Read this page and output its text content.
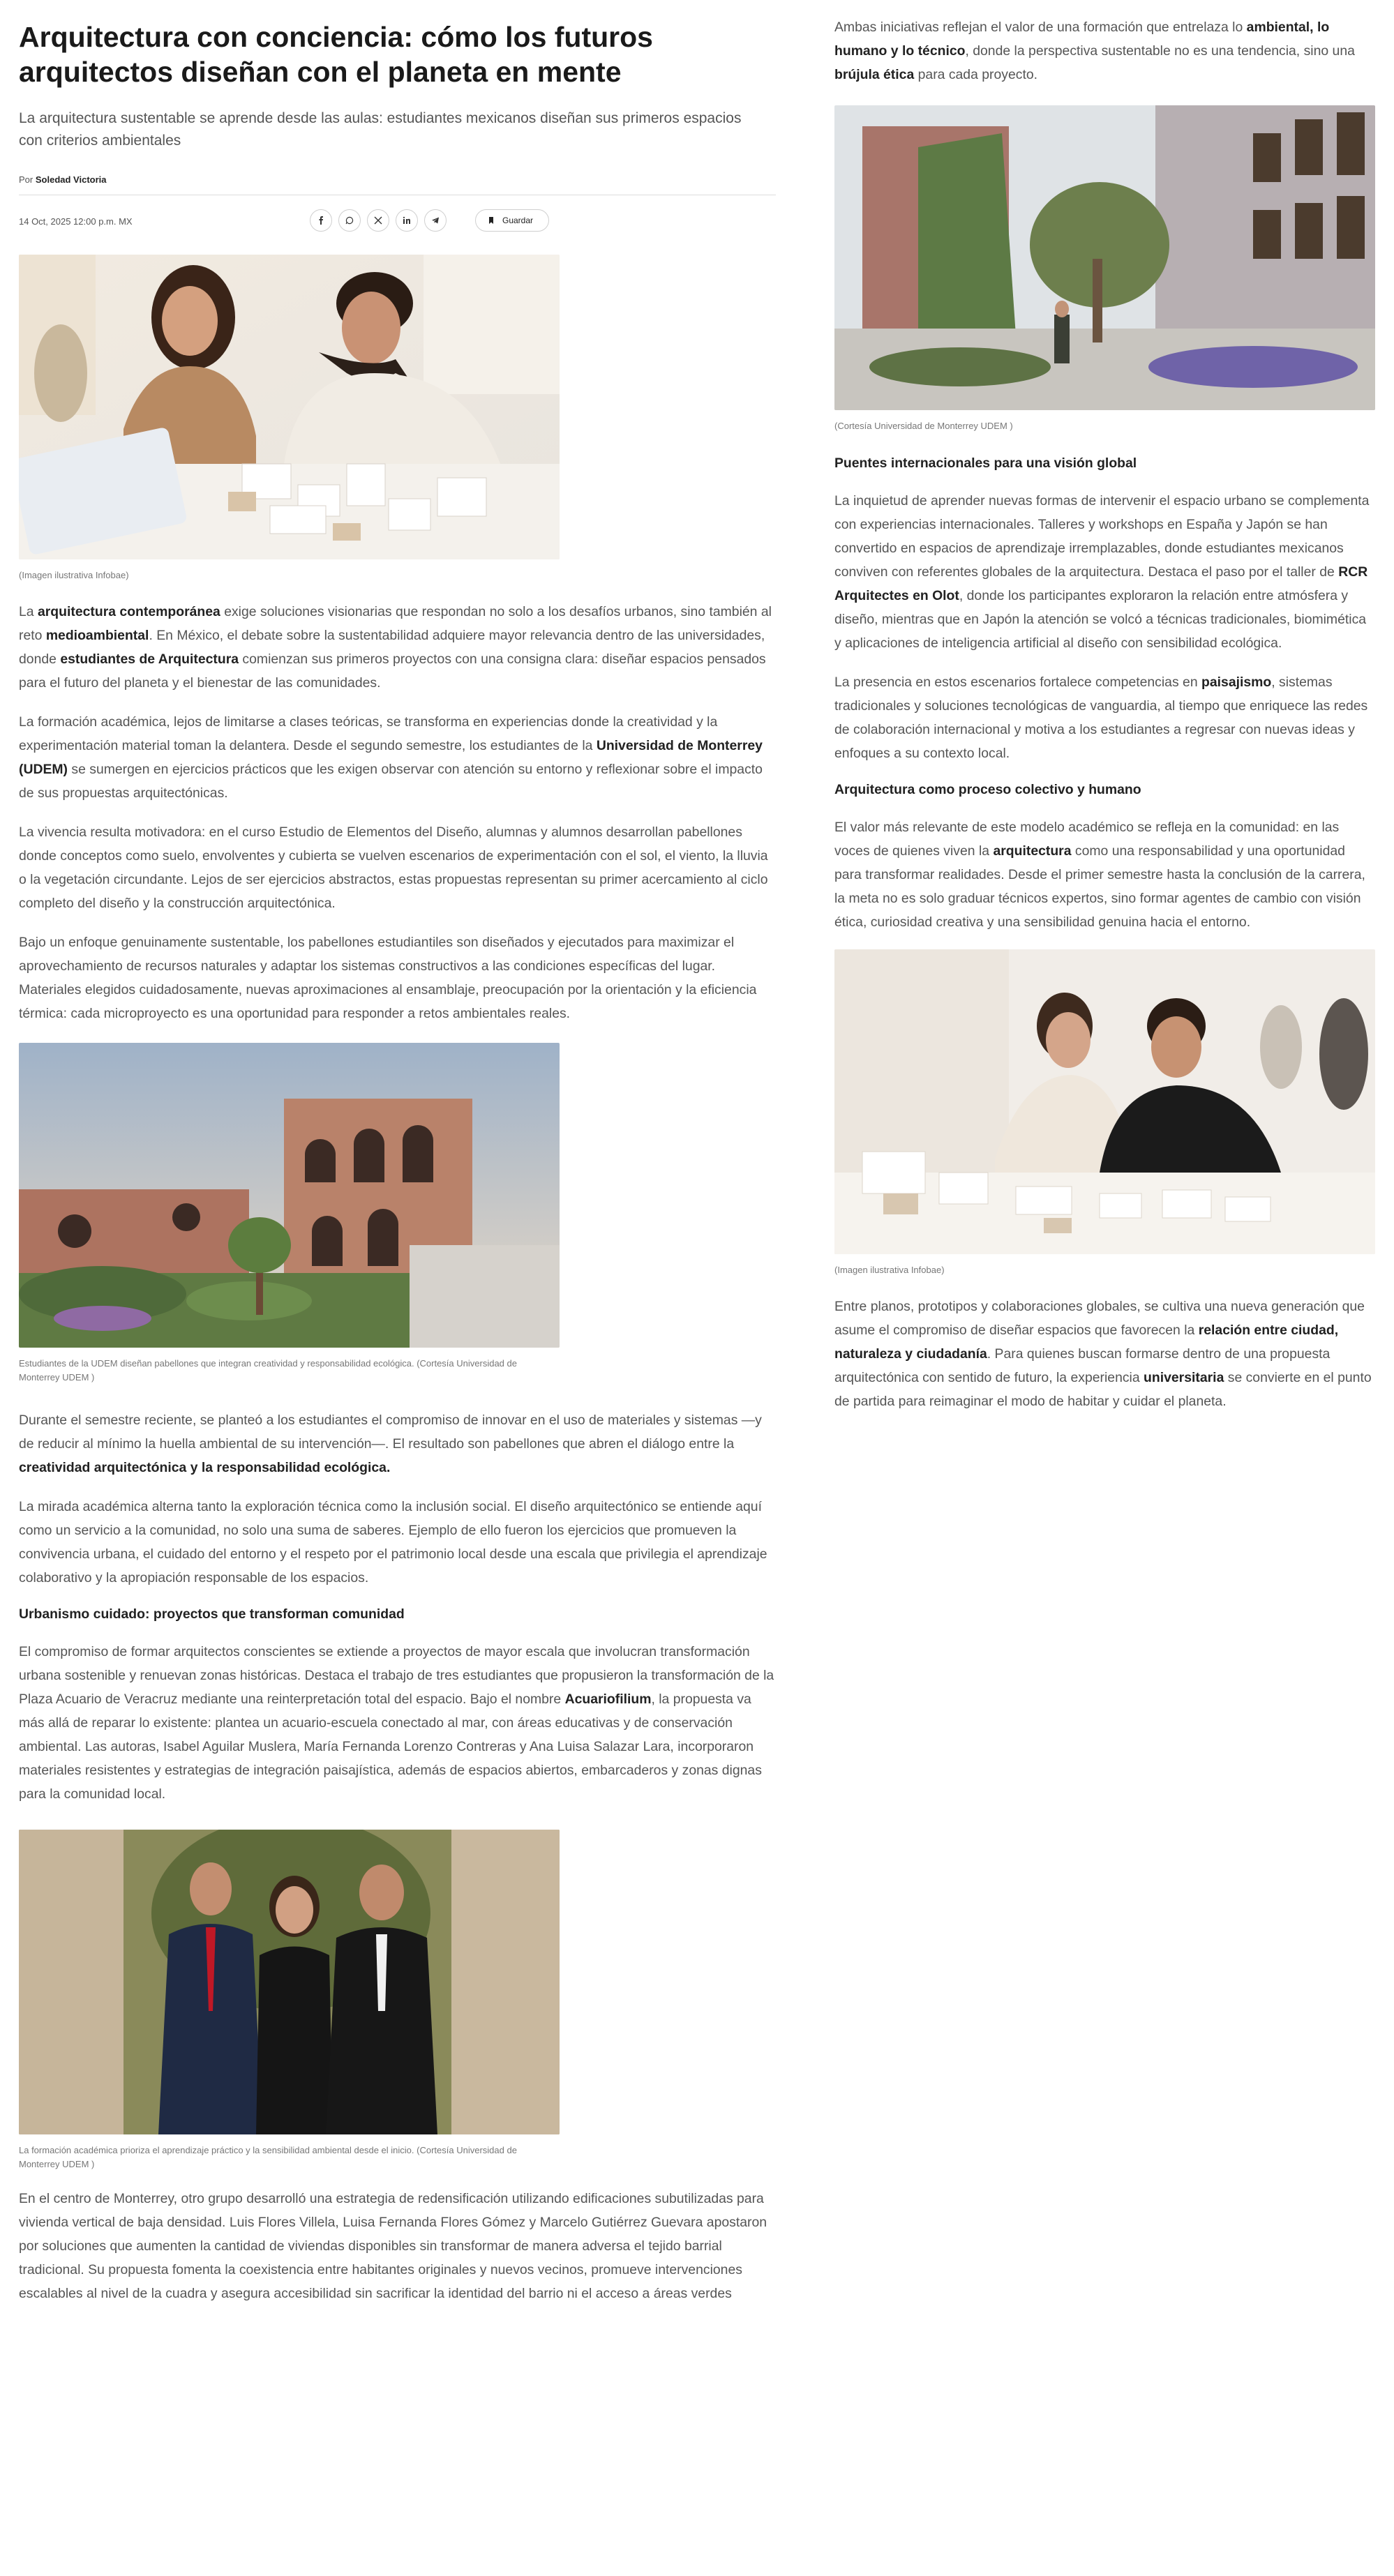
Arquitectura con conciencia: cómo los futuros arquitectos diseñan con el planeta en mente
La arquitectura sustentable se aprende desde las aulas: estudiantes mexicanos diseñan sus primeros espacios con criterios ambientales
Por Soledad Victoria
14 Oct, 2025 12:00 p.m. MX	Guardar
(Imagen ilustrativa Infobae)

La arquitectura contemporánea exige soluciones visionarias que respondan no solo a los desafíos urbanos, sino también al reto medioambiental. En México, el debate sobre la sustentabilidad adquiere mayor relevancia dentro de las universidades, donde estudiantes de Arquitectura comienzan sus primeros proyectos con una consigna clara: diseñar espacios pensados para el futuro del planeta y el bienestar de las comunidades.

La formación académica, lejos de limitarse a clases teóricas, se transforma en experiencias donde la creatividad y la experimentación material toman la delantera. Desde el segundo semestre, los estudiantes de la Universidad de Monterrey (UDEM) se sumergen en ejercicios prácticos que les exigen observar con atención su entorno y reflexionar sobre el impacto de sus propuestas arquitectónicas.

La vivencia resulta motivadora: en el curso Estudio de Elementos del Diseño, alumnas y alumnos desarrollan pabellones donde conceptos como suelo, envolventes y cubierta se vuelven escenarios de experimentación con el sol, el viento, la lluvia o la vegetación circundante. Lejos de ser ejercicios abstractos, estas propuestas representan su primer acercamiento al ciclo completo del diseño y la construcción arquitectónica.

Bajo un enfoque genuinamente sustentable, los pabellones estudiantiles son diseñados y ejecutados para maximizar el aprovechamiento de recursos naturales y adaptar los sistemas constructivos a las condiciones específicas del lugar. Materiales elegidos cuidadosamente, nuevas aproximaciones al ensamblaje, preocupación por la orientación y la eficiencia térmica: cada microproyecto es una oportunidad para responder a retos ambientales reales.

Estudiantes de la UDEM diseñan pabellones que integran creatividad y responsabilidad ecológica. (Cortesía Universidad de Monterrey UDEM )

Durante el semestre reciente, se planteó a los estudiantes el compromiso de innovar en el uso de materiales y sistemas —y de reducir al mínimo la huella ambiental de su intervención—. El resultado son pabellones que abren el diálogo entre la creatividad arquitectónica y la responsabilidad ecológica.

La mirada académica alterna tanto la exploración técnica como la inclusión social. El diseño arquitectónico se entiende aquí como un servicio a la comunidad, no solo una suma de saberes. Ejemplo de ello fueron los ejercicios que promueven la convivencia urbana, el cuidado del entorno y el respeto por el patrimonio local desde una escala que privilegia el aprendizaje colaborativo y la apropiación responsable de los espacios.

Urbanismo cuidado: proyectos que transforman comunidad

El compromiso de formar arquitectos conscientes se extiende a proyectos de mayor escala que involucran transformación urbana sostenible y renuevan zonas históricas. Destaca el trabajo de tres estudiantes que propusieron la transformación de la Plaza Acuario de Veracruz mediante una reinterpretación total del espacio. Bajo el nombre Acuariofilium, la propuesta va más allá de reparar lo existente: plantea un acuario-escuela conectado al mar, con áreas educativas y de conservación ambiental. Las autoras, Isabel Aguilar Muslera, María Fernanda Lorenzo Contreras y Ana Luisa Salazar Lara, incorporaron materiales resistentes y estrategias de integración paisajística, además de espacios abiertos, embarcaderos y zonas dignas para la comunidad local.

La formación académica prioriza el aprendizaje práctico y la sensibilidad ambiental desde el inicio. (Cortesía Universidad de Monterrey UDEM )

En el centro de Monterrey, otro grupo desarrolló una estrategia de redensificación utilizando edificaciones subutilizadas para vivienda vertical de baja densidad. Luis Flores Villela, Luisa Fernanda Flores Gómez y Marcelo Gutiérrez Guevara apostaron por soluciones que aumenten la cantidad de viviendas disponibles sin transformar de manera adversa el tejido barrial tradicional. Su propuesta fomenta la coexistencia entre habitantes originales y nuevos vecinos, promueve intervenciones escalables al nivel de la cuadra y asegura accesibilidad sin sacrificar la identidad del barrio ni el acceso a áreas verdes

Ambas iniciativas reflejan el valor de una formación que entrelaza lo ambiental, lo humano y lo técnico, donde la perspectiva sustentable no es una tendencia, sino una brújula ética para cada proyecto.

(Cortesía Universidad de Monterrey UDEM )
Puentes internacionales para una visión global

La inquietud de aprender nuevas formas de intervenir el espacio urbano se complementa con experiencias internacionales. Talleres y workshops en España y Japón se han convertido en espacios de aprendizaje irremplazables, donde estudiantes mexicanos conviven con referentes globales de la arquitectura. Destaca el paso por el taller de RCR Arquitectes en Olot, donde los participantes exploraron la relación entre atmósfera y diseño, mientras que en Japón la atención se volcó a técnicas tradicionales, biomimética y aplicaciones de inteligencia artificial al diseño con sensibilidad ecológica.

La presencia en estos escenarios fortalece competencias en paisajismo, sistemas tradicionales y soluciones tecnológicas de vanguardia, al tiempo que enriquece las redes de colaboración internacional y motiva a los estudiantes a regresar con nuevas ideas y enfoques a su contexto local.

Arquitectura como proceso colectivo y humano

El valor más relevante de este modelo académico se refleja en la comunidad: en las voces de quienes viven la arquitectura como una responsabilidad y una oportunidad para transformar realidades. Desde el primer semestre hasta la conclusión de la carrera, la meta no es solo graduar técnicos expertos, sino formar agentes de cambio con visión ética, curiosidad creativa y una sensibilidad genuina hacia el entorno.

(Imagen ilustrativa Infobae)

Entre planos, prototipos y colaboraciones globales, se cultiva una nueva generación que asume el compromiso de diseñar espacios que favorecen la relación entre ciudad, naturaleza y ciudadanía. Para quienes buscan formarse dentro de una propuesta arquitectónica con sentido de futuro, la experiencia universitaria se convierte en el punto de partida para reimaginar el modo de habitar y cuidar el planeta.
